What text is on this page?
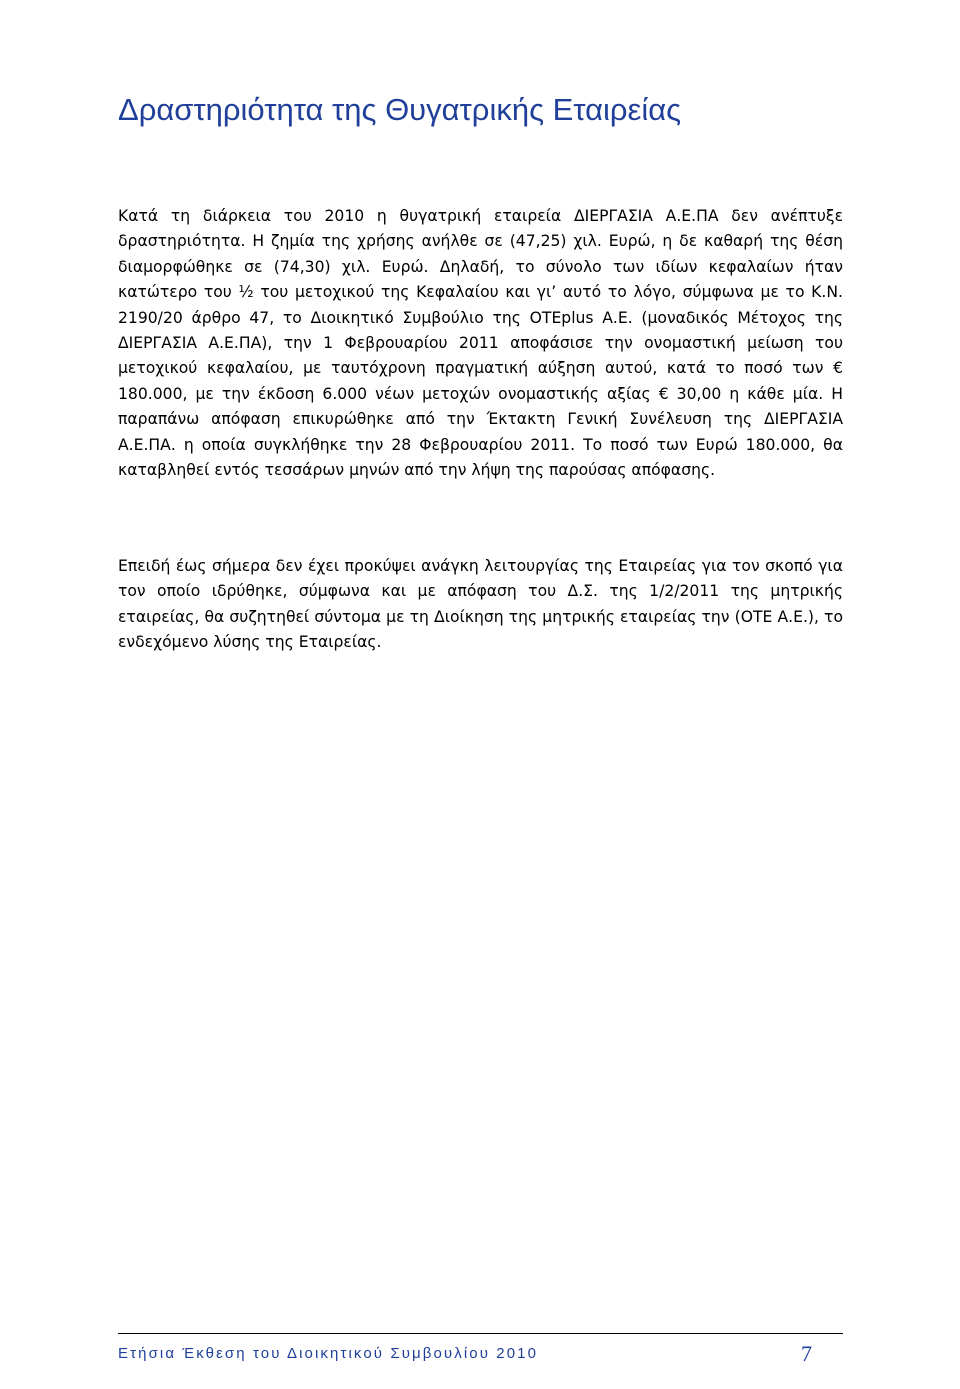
Δραστηριότητα της Θυγατρικής Εταιρείας

Κατά τη διάρκεια του 2010 η θυγατρική εταιρεία ΔΙΕΡΓΑΣΙΑ Α.Ε.ΠΑ δεν ανέπτυξε δραστηριότητα. Η ζημία της χρήσης ανήλθε σε (47,25) χιλ. Ευρώ, η δε καθαρή της θέση διαμορφώθηκε σε (74,30) χιλ. Ευρώ. Δηλαδή, το σύνολο των ιδίων κεφαλαίων ήταν κατώτερο του ½ του μετοχικού της Κεφαλαίου και γι’ αυτό το λόγο, σύμφωνα με το Κ.Ν. 2190/20 άρθρο 47, το Διοικητικό Συμβούλιο της OTEplus Α.Ε. (μοναδικός Μέτοχος της ΔΙΕΡΓΑΣΙΑ Α.Ε.ΠΑ), την 1 Φεβρουαρίου 2011 αποφάσισε την ονομαστική μείωση του μετοχικού κεφαλαίου, με ταυτόχρονη πραγματική αύξηση αυτού, κατά το ποσό των € 180.000, με την έκδοση 6.000 νέων μετοχών ονομαστικής αξίας € 30,00 η κάθε μία. Η παραπάνω απόφαση επικυρώθηκε από την Έκτακτη Γενική Συνέλευση της ΔΙΕΡΓΑΣΙΑ Α.Ε.ΠΑ. η οποία συγκλήθηκε την 28 Φεβρουαρίου 2011. Το ποσό των Ευρώ 180.000, θα καταβληθεί εντός τεσσάρων μηνών από την λήψη της παρούσας απόφασης.

Επειδή έως σήμερα δεν έχει προκύψει ανάγκη λειτουργίας της Εταιρείας για τον σκοπό για τον οποίο ιδρύθηκε, σύμφωνα και με απόφαση του Δ.Σ. της 1/2/2011 της μητρικής εταιρείας, θα συζητηθεί σύντομα με τη Διοίκηση της μητρικής εταιρείας την (ΟΤΕ Α.Ε.), το ενδεχόμενο λύσης της Εταιρείας.

Ετήσια Έκθεση του Διοικητικού Συμβουλίου 2010	7
